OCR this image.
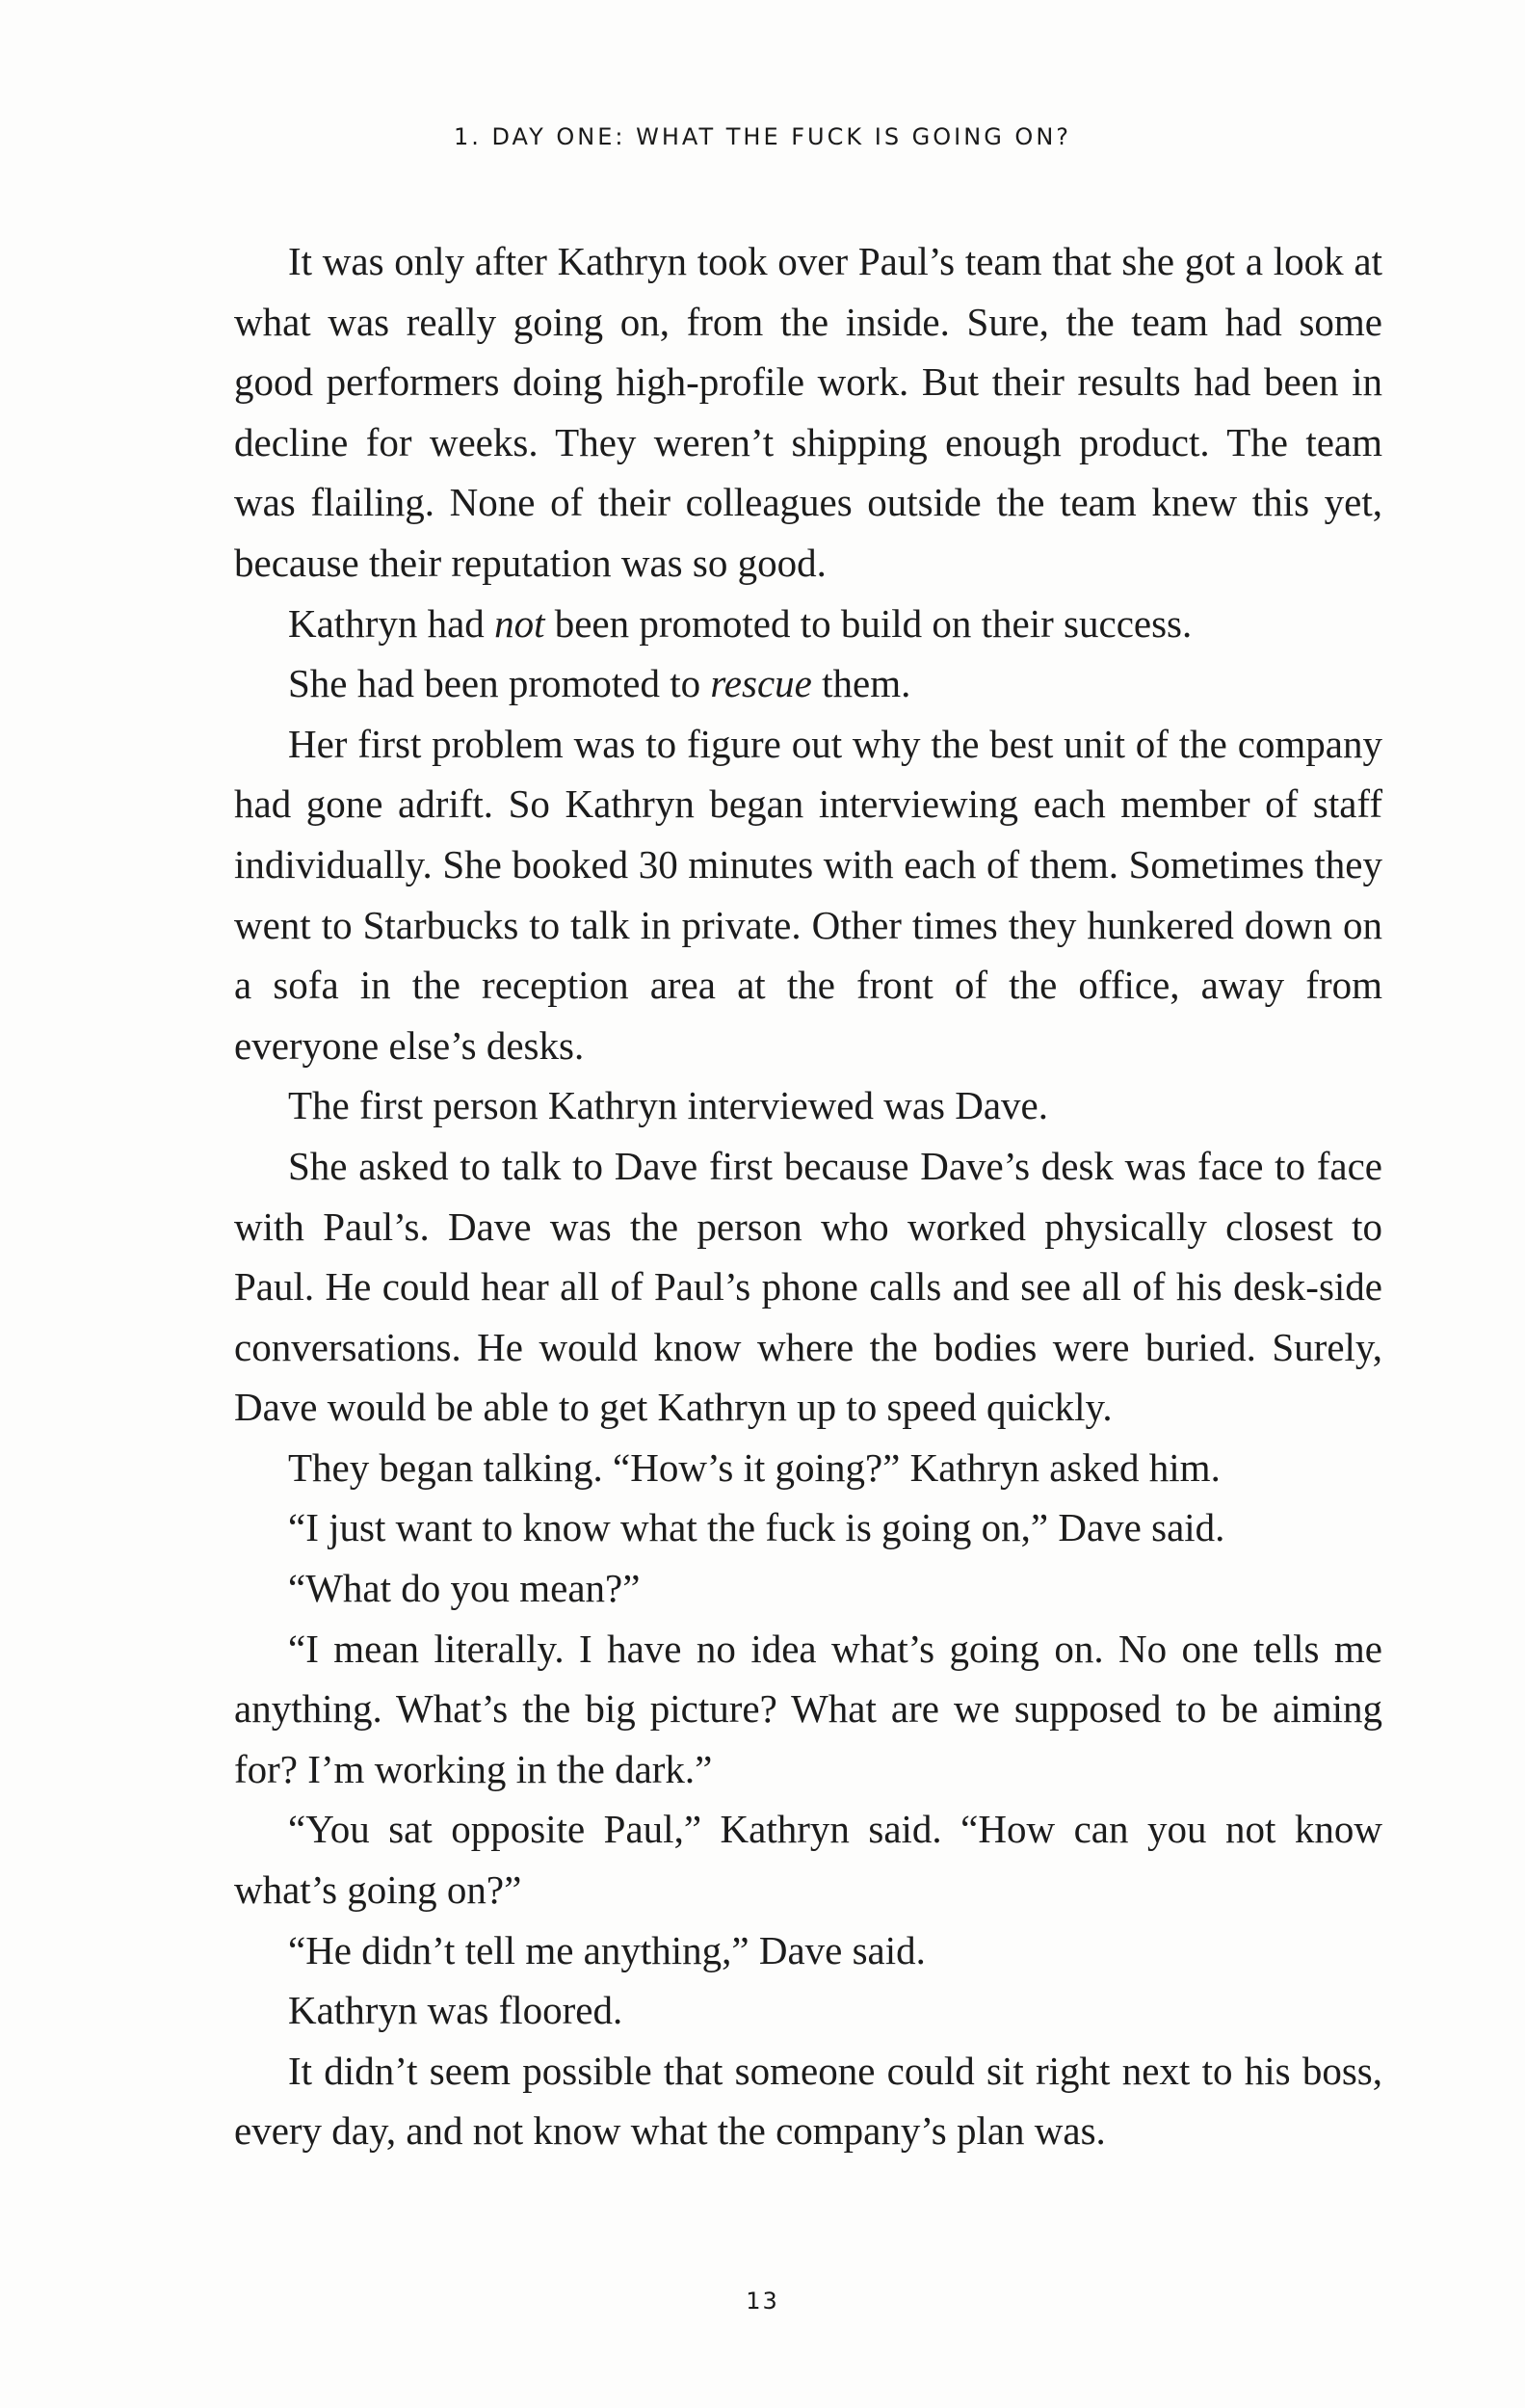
1. DAY ONE: WHAT THE FUCK IS GOING ON?

It was only after Kathryn took over Paul’s team that she got a look at what was really going on, from the inside. Sure, the team had some good performers doing high-profile work. But their results had been in decline for weeks. They weren’t shipping enough product. The team was flailing. None of their colleagues outside the team knew this yet, because their reputation was so good.

Kathryn had not been promoted to build on their success.

She had been promoted to rescue them.

Her first problem was to figure out why the best unit of the company had gone adrift. So Kathryn began interviewing each member of staff individually. She booked 30 minutes with each of them. Sometimes they went to Starbucks to talk in private. Other times they hunkered down on a sofa in the reception area at the front of the office, away from everyone else’s desks.

The first person Kathryn interviewed was Dave.

She asked to talk to Dave first because Dave’s desk was face to face with Paul’s. Dave was the person who worked physically closest to Paul. He could hear all of Paul’s phone calls and see all of his desk-side conversations. He would know where the bodies were buried. Surely, Dave would be able to get Kathryn up to speed quickly.

They began talking. “How’s it going?” Kathryn asked him.

“I just want to know what the fuck is going on,” Dave said.

“What do you mean?”

“I mean literally. I have no idea what’s going on. No one tells me anything. What’s the big picture? What are we supposed to be aiming for? I’m working in the dark.”

“You sat opposite Paul,” Kathryn said. “How can you not know what’s going on?”

“He didn’t tell me anything,” Dave said.

Kathryn was floored.

It didn’t seem possible that someone could sit right next to his boss, every day, and not know what the company’s plan was.

13
